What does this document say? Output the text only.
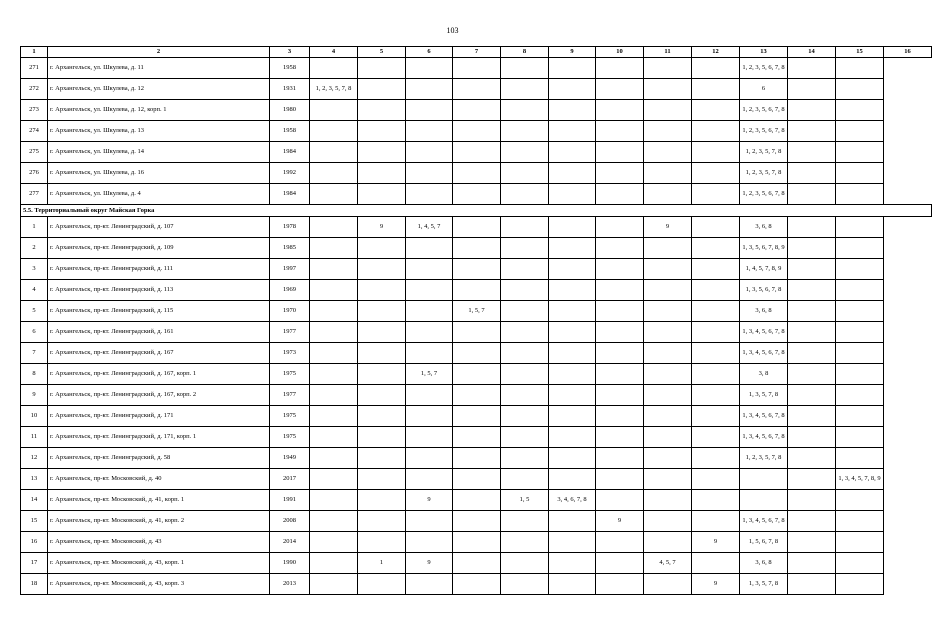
103
1	2	3	4	5	6	7	8	9	10	11	12	13	14	15	16
271	г. Архангельск, ул. Шкулева, д. 11	1958										1, 2, 3, 5, 6, 7, 8			
272	г. Архангельск, ул. Шкулева, д. 12	1931	1, 2, 3, 5, 7, 8									6			
273	г. Архангельск, ул. Шкулева, д. 12, корп. 1	1980										1, 2, 3, 5, 6, 7, 8			
274	г. Архангельск, ул. Шкулева, д. 13	1958										1, 2, 3, 5, 6, 7, 8			
275	г. Архангельск, ул. Шкулева, д. 14	1984										1, 2, 3, 5, 7, 8			
276	г. Архангельск, ул. Шкулева, д. 16	1992										1, 2, 3, 5, 7, 8			
277	г. Архангельск, ул. Шкулева, д. 4	1984										1, 2, 3, 5, 6, 7, 8			
5.5. Территориальный округ Майская Горка															
1	г. Архангельск, пр-кт. Ленинградский, д. 107	1978		9	1, 4, 5, 7					9		3, 6, 8			
2	г. Архангельск, пр-кт. Ленинградский, д. 109	1985										1, 3, 5, 6, 7, 8, 9			
3	г. Архангельск, пр-кт. Ленинградский, д. 111	1997										1, 4, 5, 7, 8, 9			
4	г. Архангельск, пр-кт. Ленинградский, д. 113	1969										1, 3, 5, 6, 7, 8			
5	г. Архангельск, пр-кт. Ленинградский, д. 115	1970				1, 5, 7						3, 6, 8			
6	г. Архангельск, пр-кт. Ленинградский, д. 161	1977										1, 3, 4, 5, 6, 7, 8			
7	г. Архангельск, пр-кт. Ленинградский, д. 167	1973										1, 3, 4, 5, 6, 7, 8			
8	г. Архангельск, пр-кт. Ленинградский, д. 167, корп. 1	1975			1, 5, 7							3, 8			
9	г. Архангельск, пр-кт. Ленинградский, д. 167, корп. 2	1977										1, 3, 5, 7, 8			
10	г. Архангельск, пр-кт. Ленинградский, д. 171	1975										1, 3, 4, 5, 6, 7, 8			
11	г. Архангельск, пр-кт. Ленинградский, д. 171, корп. 1	1975										1, 3, 4, 5, 6, 7, 8			
12	г. Архангельск, пр-кт. Ленинградский, д. 58	1949										1, 2, 3, 5, 7, 8			
13	г. Архангельск, пр-кт. Московский, д. 40	2017												1, 3, 4, 5, 7, 8, 9	
14	г. Архангельск, пр-кт. Московский, д. 41, корп. 1	1991			9		1, 5	3, 4, 6, 7, 8							
15	г. Архангельск, пр-кт. Московский, д. 41, корп. 2	2008							9			1, 3, 4, 5, 6, 7, 8			
16	г. Архангельск, пр-кт. Московский, д. 43	2014									9	1, 5, 6, 7, 8			
17	г. Архангельск, пр-кт. Московский, д. 43, корп. 1	1990		1	9					4, 5, 7		3, 6, 8			
18	г. Архангельск, пр-кт. Московский, д. 43, корп. 3	2013									9	1, 3, 5, 7, 8			
